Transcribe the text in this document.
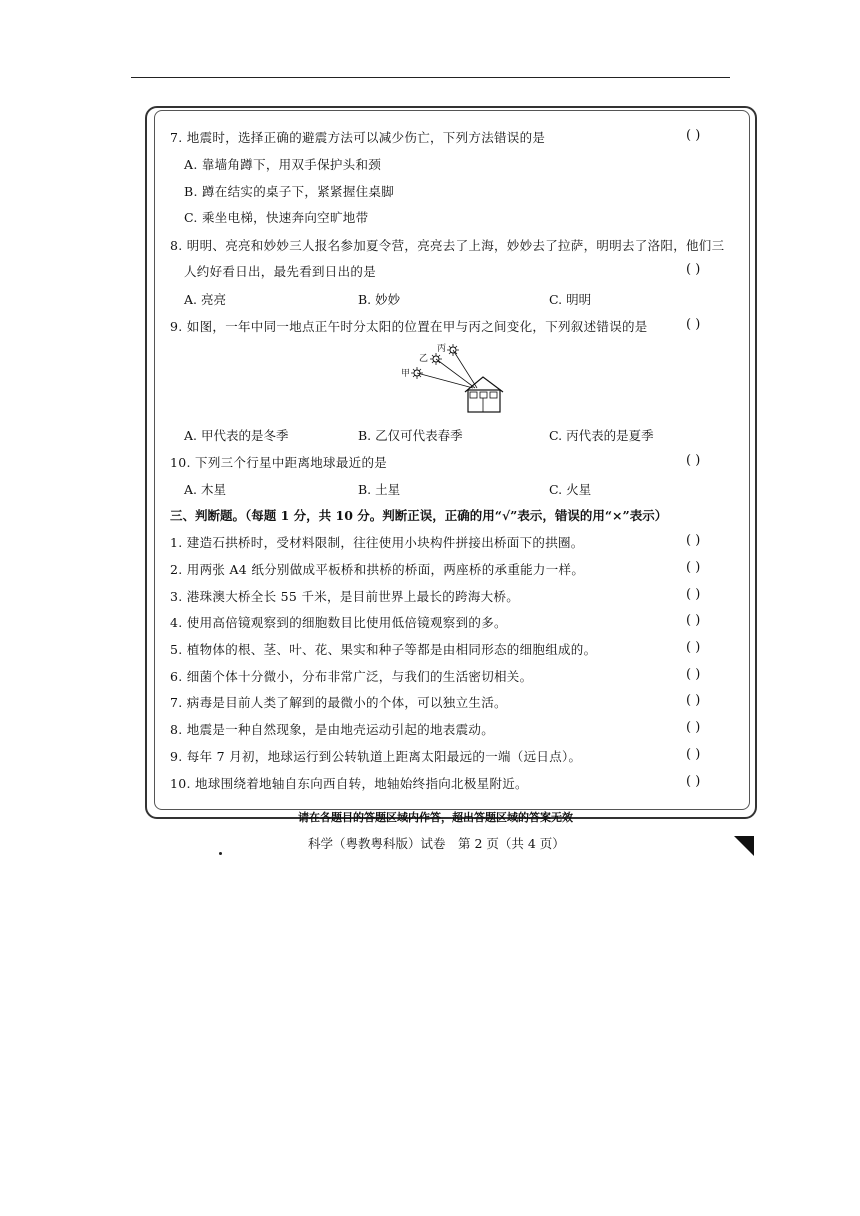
7. 地震时，选择正确的避震方法可以减少伤亡，下列方法错误的是	( )
A. 靠墙角蹲下，用双手保护头和颈
B. 蹲在结实的桌子下，紧紧握住桌脚
C. 乘坐电梯，快速奔向空旷地带
8. 明明、亮亮和妙妙三人报名参加夏令营，亮亮去了上海，妙妙去了拉萨，明明去了洛阳，他们三
人约好看日出，最先看到日出的是	( )
A. 亮亮	B. 妙妙	C. 明明
9. 如图，一年中同一地点正午时分太阳的位置在甲与丙之间变化，下列叙述错误的是	( )
甲
乙
丙
A. 甲代表的是冬季	B. 乙仅可代表春季	C. 丙代表的是夏季
10. 下列三个行星中距离地球最近的是	( )
A. 木星	B. 土星	C. 火星
三、判断题。（每题 1 分，共 10 分。判断正误，正确的用“√”表示，错误的用“×”表示）
1. 建造石拱桥时，受材料限制，往往使用小块构件拼接出桥面下的拱圈。	( )
2. 用两张 A4 纸分别做成平板桥和拱桥的桥面，两座桥的承重能力一样。	( )
3. 港珠澳大桥全长 55 千米，是目前世界上最长的跨海大桥。	( )
4. 使用高倍镜观察到的细胞数目比使用低倍镜观察到的多。	( )
5. 植物体的根、茎、叶、花、果实和种子等都是由相同形态的细胞组成的。	( )
6. 细菌个体十分微小，分布非常广泛，与我们的生活密切相关。	( )
7. 病毒是目前人类了解到的最微小的个体，可以独立生活。	( )
8. 地震是一种自然现象，是由地壳运动引起的地表震动。	( )
9. 每年 7 月初，地球运行到公转轨道上距离太阳最远的一端（远日点）。	( )
10. 地球围绕着地轴自东向西自转，地轴始终指向北极星附近。	( )
请在各题目的答题区域内作答，超出答题区域的答案无效
科学（粤教粤科版）试卷　第 2 页（共 4 页）
